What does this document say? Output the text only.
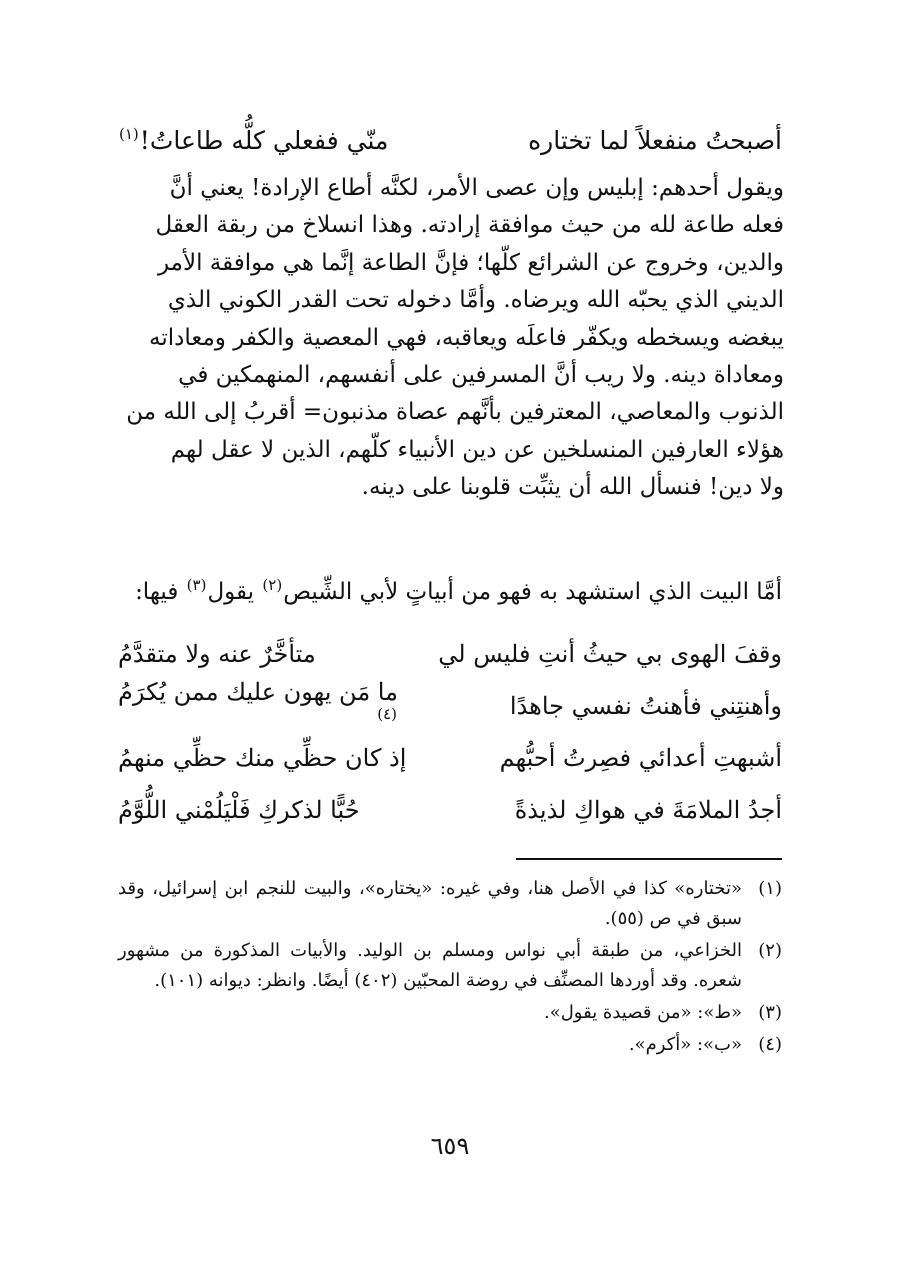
أصبحتُ منفعلاً لما تختاره
منّي ففعلي كلُّه طاعاتُ!$^{(١)}$

ويقول أحدهم: إبليس وإن عصى الأمر، لكنَّه أطاع الإرادة! يعني أنَّ

فعله طاعة لله من حيث موافقة إرادته. وهذا انسلاخ من ربقة العقل

والدين، وخروج عن الشرائع كلّها؛ فإنَّ الطاعة إنَّما هي موافقة الأمر

الديني الذي يحبّه الله ويرضاه. وأمَّا دخوله تحت القدر الكوني الذي

يبغضه ويسخطه ويكفّر فاعلَه ويعاقبه، فهي المعصية والكفر ومعاداته

ومعاداة دينه. ولا ريب أنَّ المسرفين على أنفسهم، المنهمكين في

الذنوب والمعاصي، المعترفين بأنَّهم عصاة مذنبون= أقربُ إلى الله من

هؤلاء العارفين المنسلخين عن دين الأنبياء كلّهم، الذين لا عقل لهم

ولا دين! فنسأل الله أن يثبِّت قلوبنا على دينه.

أمَّا البيت الذي استشهد به فهو من أبياتٍ لأبي الشِّيص$^{(٢)}$ يقول$^{(٣)}$ فيها:
وقفَ الهوى بي حيثُ أنتِ فليس لي
متأخَّرٌ عنه ولا متقدَّمُ
وأهنتِني فأهنتُ نفسي جاهدًا
ما مَن يهون عليك ممن يُكرَمُ
$^{(٤)}$
أشبهتِ أعدائي فصِرتُ أحبُّهم
إذ كان حظِّي منك حظِّي منهمُ
أجدُ الملامَةَ في هواكِ لذيذةً
حُبًّا لذكركِ فَلْيَلُمْني اللُّوَّمُ
(١)
«تختاره» كذا في الأصل هنا، وفي غيره: «يختاره»، والبيت للنجم ابن إسرائيل، وقد سبق في ص (٥٥).
(٢)
الخزاعي، من طبقة أبي نواس ومسلم بن الوليد. والأبيات المذكورة من مشهور شعره. وقد أوردها المصنِّف في روضة المحبّين (٤٠٢) أيضًا. وانظر: ديوانه (١٠١).
(٣)
«ط»: «من قصيدة يقول».
(٤)
«ب»: «أكرم».
٦٥٩
